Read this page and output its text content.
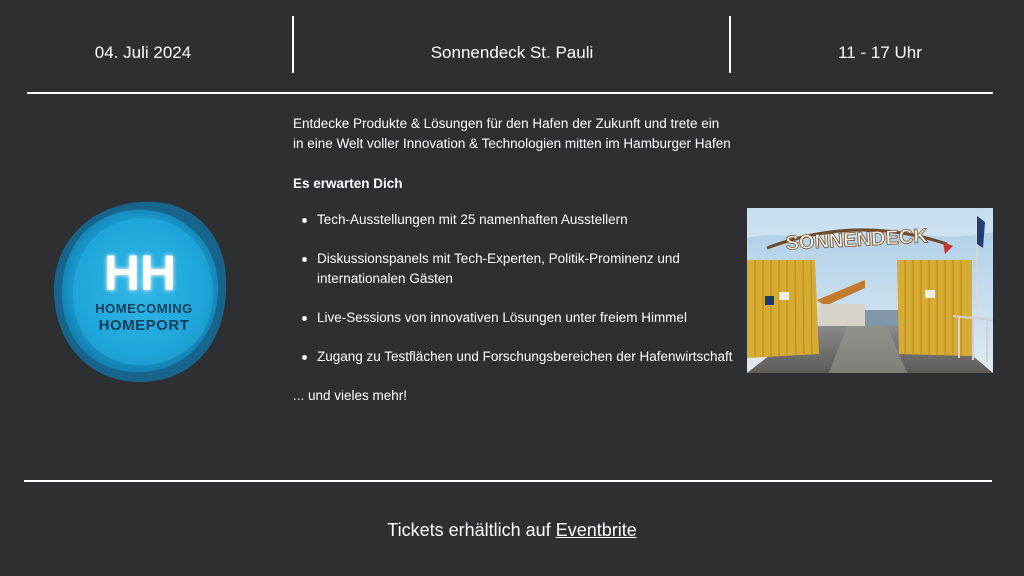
04. Juli 2024	Sonnendeck St. Pauli	11 - 17 Uhr
HH
HOMECOMING
HOMEPORT

Entdecke Produkte & Lösungen für den Hafen der Zukunft und trete ein in eine Welt voller Innovation & Technologien mitten im Hamburger Hafen

Es erwarten Dich

Tech-Ausstellungen mit 25 namenhaften Ausstellern
Diskussionspanels mit Tech-Experten, Politik-Prominenz und internationalen Gästen
Live-Sessions von innovativen Lösungen unter freiem Himmel
Zugang zu Testflächen und Forschungsbereichen der Hafenwirtschaft

... und vieles mehr!

SONNENDECK
Tickets erhältlich auf Eventbrite
